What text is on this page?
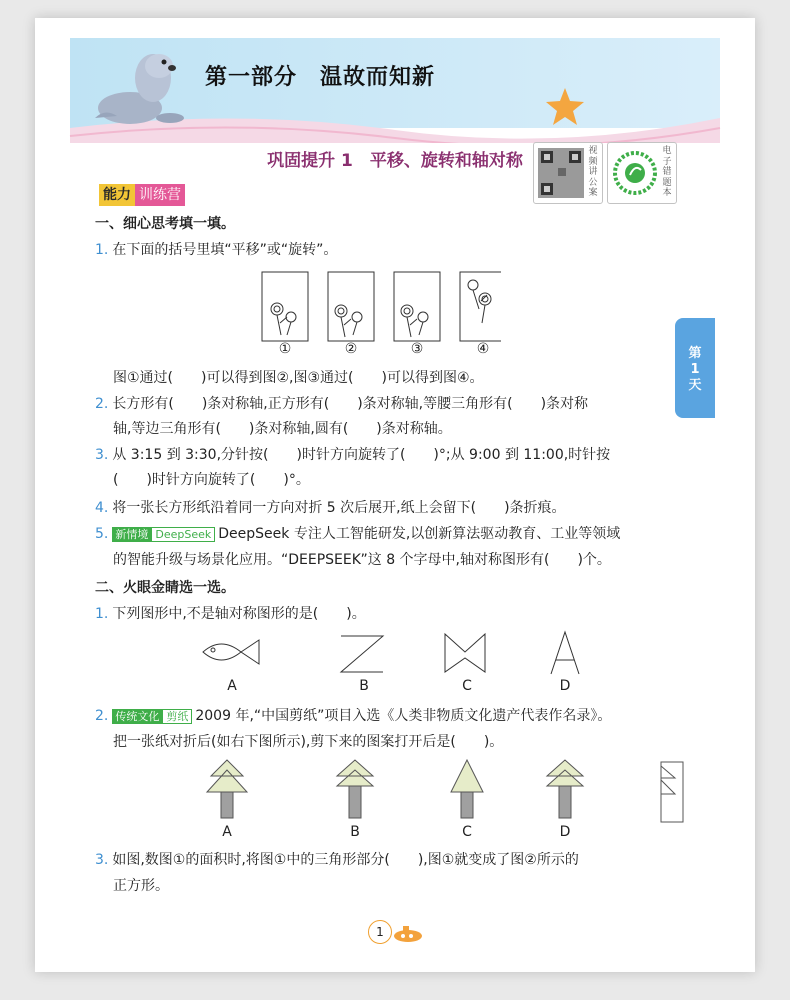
第一部分　温故而知新
巩固提升 1　平移、旋转和轴对称	视频讲公案
电子错题本
能力 训练营
一、细心思考填一填。
1. 在下面的括号里填“平移”或“旋转”。
①	②	③	④
图①通过(　　)可以得到图②,图③通过(　　)可以得到图④。
2. 长方形有(　　)条对称轴,正方形有(　　)条对称轴,等腰三角形有(　　)条对称
轴,等边三角形有(　　)条对称轴,圆有(　　)条对称轴。
3. 从 3:15 到 3:30,分针按(　　)时针方向旋转了(　　)°;从 9:00 到 11:00,时针按
(　　)时针方向旋转了(　　)°。
4. 将一张长方形纸沿着同一方向对折 5 次后展开,纸上会留下(　　)条折痕。
5. 新情境 DeepSeek DeepSeek 专注人工智能研发,以创新算法驱动教育、工业等领域
的智能升级与场景化应用。“DEEPSEEK”这 8 个字母中,轴对称图形有(　　)个。
二、火眼金睛选一选。
1. 下列图形中,不是轴对称图形的是(　　)。
A	B	C	D
2. 传统文化 剪纸 2009 年,“中国剪纸”项目入选《人类非物质文化遗产代表作名录》。
把一张纸对折后(如右下图所示),剪下来的图案打开后是(　　)。
A	B	C	D
3. 如图,数图①的面积时,将图①中的三角形部分(　　),图①就变成了图②所示的
正方形。
第
1
天
1
